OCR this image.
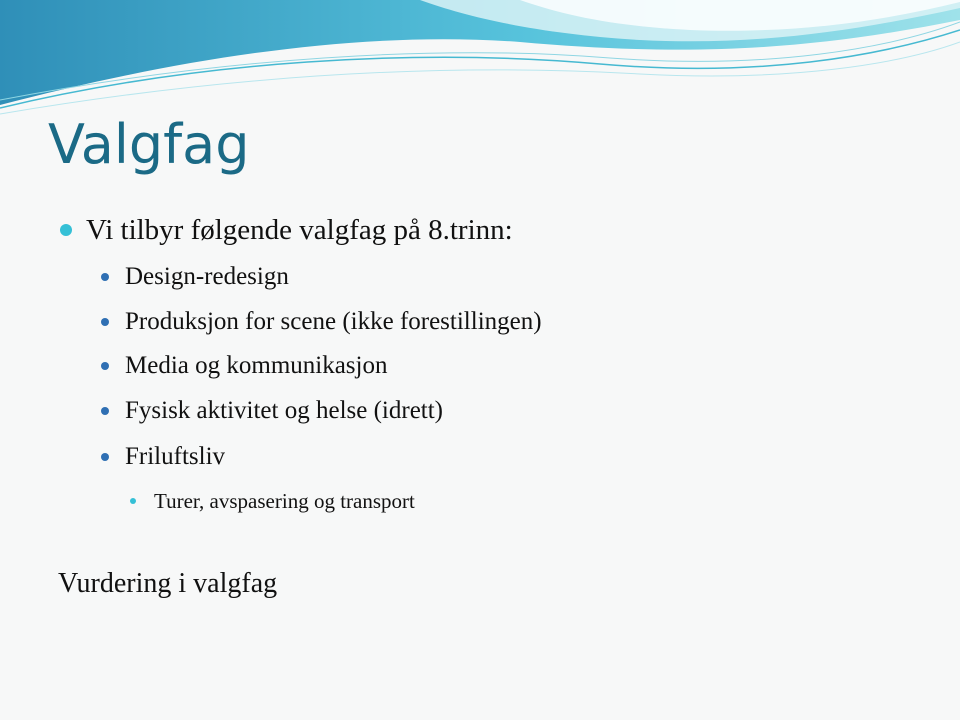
Valgfag
Vi tilbyr følgende valgfag på 8.trinn:
Design-redesign
Produksjon for scene (ikke forestillingen)
Media og kommunikasjon
Fysisk aktivitet og helse (idrett)
Friluftsliv
Turer, avspasering og transport
Vurdering i valgfag
